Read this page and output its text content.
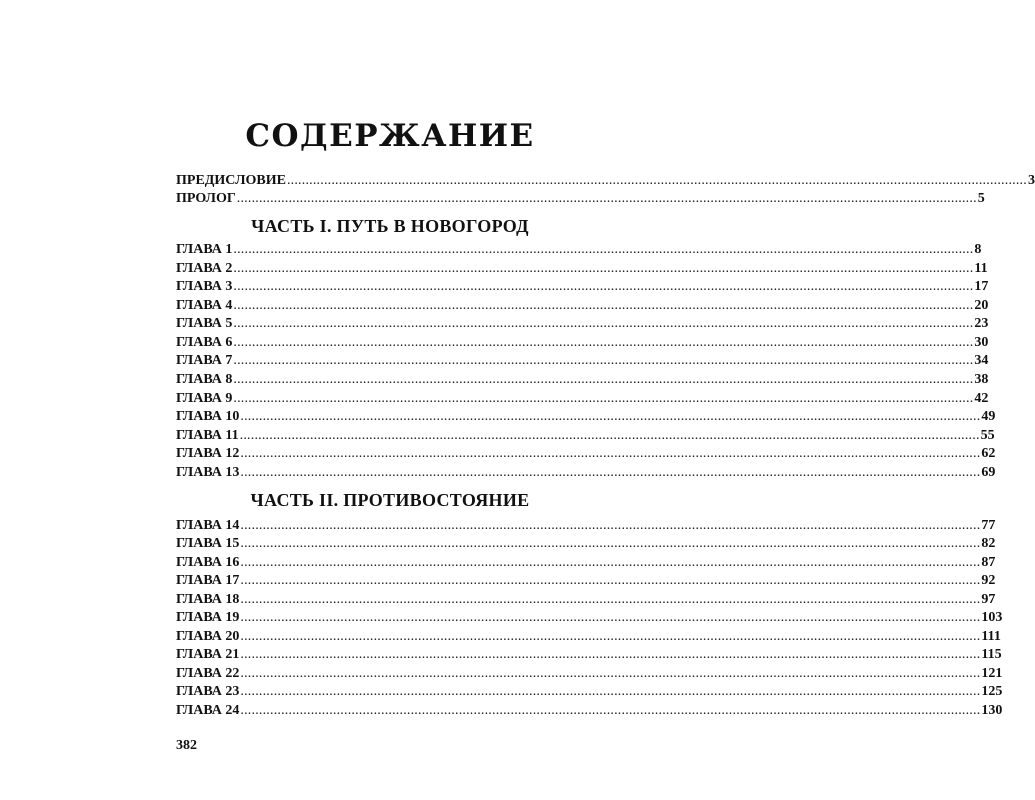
СОДЕРЖАНИЕ
ПРЕДИСЛОВИЕ ........................................................................................................................................................................................................ 3
ПРОЛОГ ........................................................................................................................................................................................................ 5
ЧАСТЬ I. ПУТЬ В НОВОГОРОД
ГЛАВА 1 ........................................................................................................................................................................................................ 8
ГЛАВА 2 ........................................................................................................................................................................................................ 11
ГЛАВА 3 ........................................................................................................................................................................................................ 17
ГЛАВА 4 ........................................................................................................................................................................................................ 20
ГЛАВА 5 ........................................................................................................................................................................................................ 23
ГЛАВА 6 ........................................................................................................................................................................................................ 30
ГЛАВА 7 ........................................................................................................................................................................................................ 34
ГЛАВА 8 ........................................................................................................................................................................................................ 38
ГЛАВА 9 ........................................................................................................................................................................................................ 42
ГЛАВА 10 ........................................................................................................................................................................................................ 49
ГЛАВА 11 ........................................................................................................................................................................................................ 55
ГЛАВА 12 ........................................................................................................................................................................................................ 62
ГЛАВА 13 ........................................................................................................................................................................................................ 69
ЧАСТЬ II. ПРОТИВОСТОЯНИЕ
ГЛАВА 14 ........................................................................................................................................................................................................ 77
ГЛАВА 15 ........................................................................................................................................................................................................ 82
ГЛАВА 16 ........................................................................................................................................................................................................ 87
ГЛАВА 17 ........................................................................................................................................................................................................ 92
ГЛАВА 18 ........................................................................................................................................................................................................ 97
ГЛАВА 19 ........................................................................................................................................................................................................ 103
ГЛАВА 20 ........................................................................................................................................................................................................ 111
ГЛАВА 21 ........................................................................................................................................................................................................ 115
ГЛАВА 22 ........................................................................................................................................................................................................ 121
ГЛАВА 23 ........................................................................................................................................................................................................ 125
ГЛАВА 24 ........................................................................................................................................................................................................ 130
382
